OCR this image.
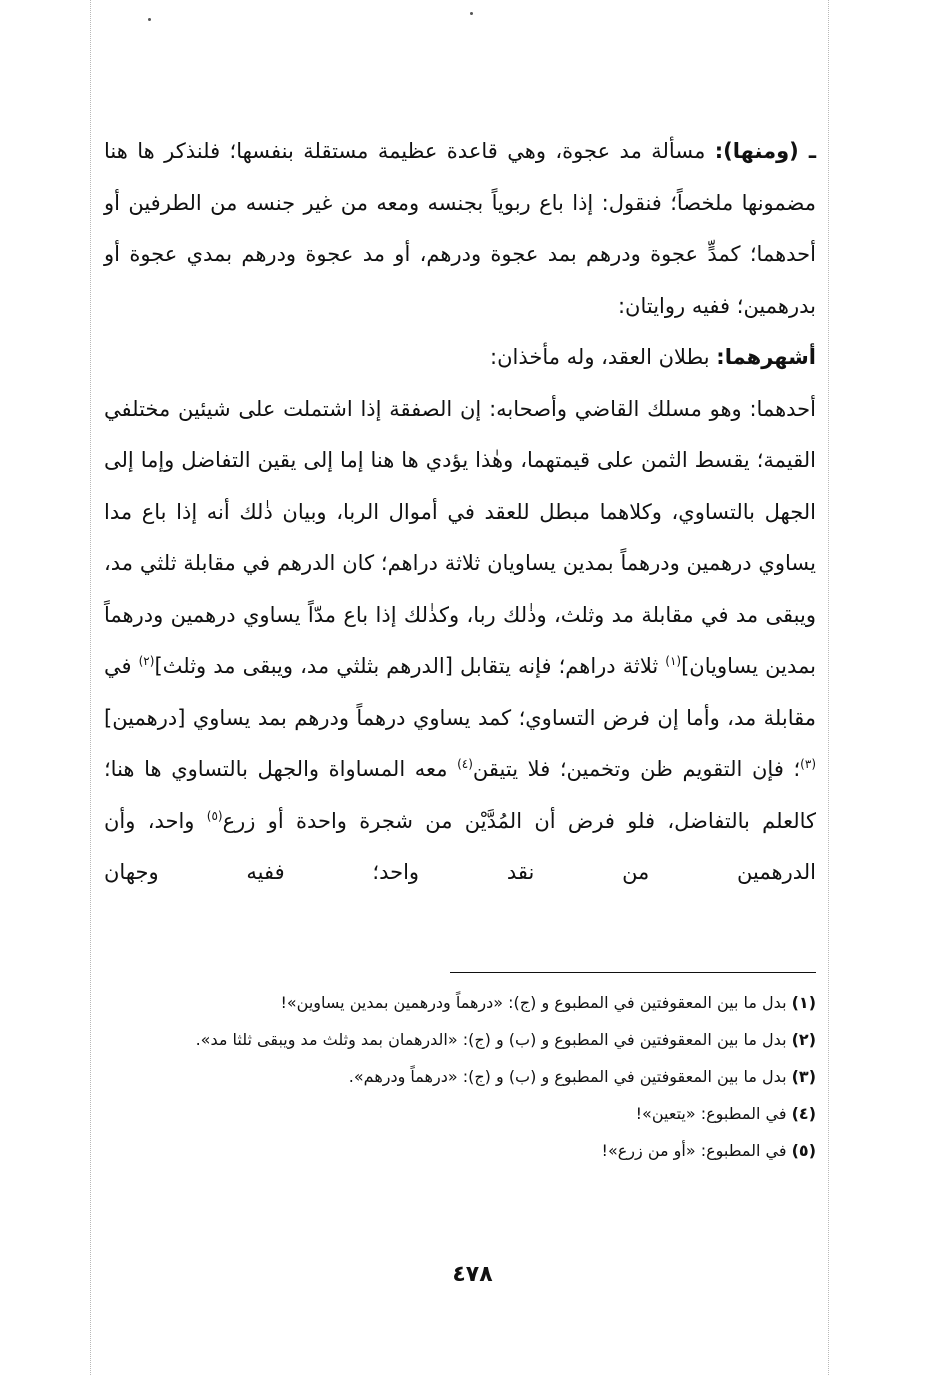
ـ (ومنها): مسألة مد عجوة، وهي قاعدة عظيمة مستقلة بنفسها؛ فلنذكر ها هنا مضمونها ملخصاً؛ فنقول: إذا باع ربوياً بجنسه ومعه من غير جنسه من الطرفين أو أحدهما؛ كمدٍّ عجوة ودرهم بمد عجوة ودرهم، أو مد عجوة ودرهم بمدي عجوة أو بدرهمين؛ ففيه روايتان:

أشهرهما: بطلان العقد، وله مأخذان:

أحدهما: وهو مسلك القاضي وأصحابه: إن الصفقة إذا اشتملت على شيئين مختلفي القيمة؛ يقسط الثمن على قيمتهما، وهٰذا يؤدي ها هنا إما إلى يقين التفاضل وإما إلى الجهل بالتساوي، وكلاهما مبطل للعقد في أموال الربا، وبيان ذٰلك أنه إذا باع مدا يساوي درهمين ودرهماً بمدين يساويان ثلاثة دراهم؛ كان الدرهم في مقابلة ثلثي مد، ويبقى مد في مقابلة مد وثلث، وذٰلك ربا، وكذٰلك إذا باع مدّاً يساوي درهمين ودرهماً بمدين يساويان]$^{(١)}$ ثلاثة دراهم؛ فإنه يتقابل [الدرهم بثلثي مد، ويبقى مد وثلث]$^{(٢)}$ في مقابلة مد، وأما إن فرض التساوي؛ كمد يساوي درهماً ودرهم بمد يساوي [درهمين]$^{(٣)}$؛ فإن التقويم ظن وتخمين؛ فلا يتيقن$^{(٤)}$ معه المساواة والجهل بالتساوي ها هنا؛ كالعلم بالتفاضل، فلو فرض أن المُدَّيْن من شجرة واحدة أو زرع$^{(٥)}$ واحد، وأن الدرهمين من نقد واحد؛ ففيه وجهان

(١) بدل ما بين المعقوفتين في المطبوع و (ج): «درهماً ودرهمين بمدين يساوين»!

(٢) بدل ما بين المعقوفتين في المطبوع و (ب) و (ج): «الدرهمان بمد وثلث مد ويبقى ثلثا مد».

(٣) بدل ما بين المعقوفتين في المطبوع و (ب) و (ج): «درهماً ودرهم».

(٤) في المطبوع: «يتعين»!

(٥) في المطبوع: «أو من زرع»!

٤٧٨
